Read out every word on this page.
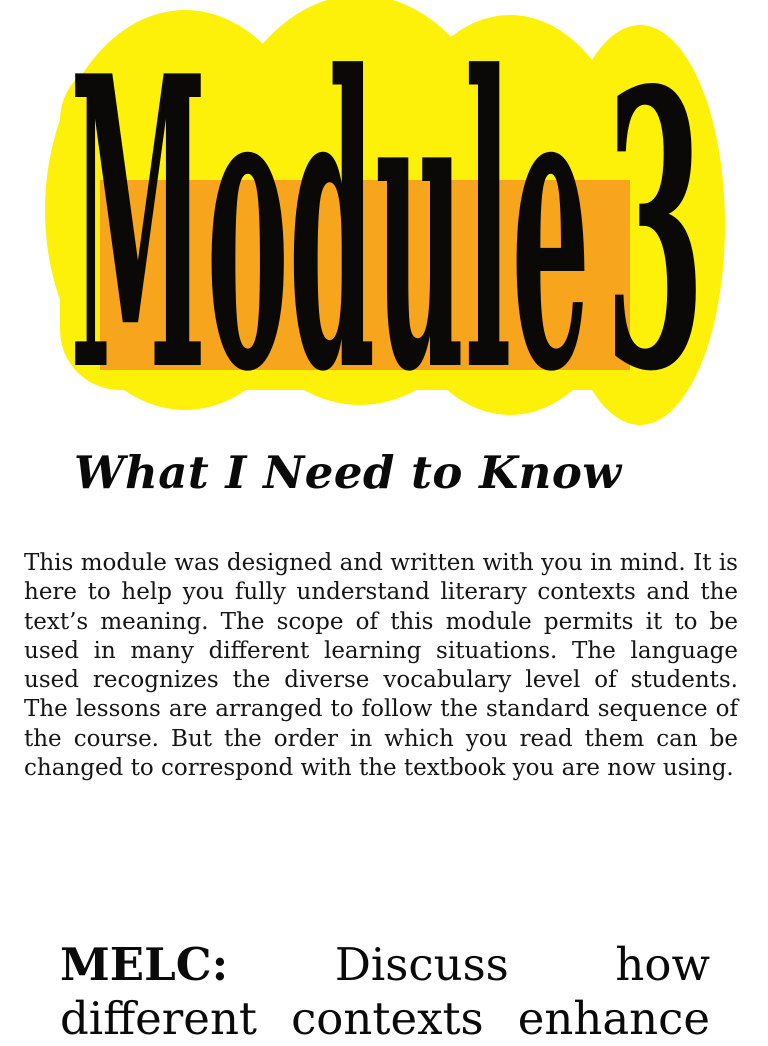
Module 3
What I Need to Know

This module was designed and written with you in mind. It is here to help you fully understand literary contexts and the text’s meaning. The scope of this module permits it to be used in many different learning situations. The language used recognizes the diverse vocabulary level of students. The lessons are arranged to follow the standard sequence of the course. But the order in which you read them can be changed to correspond with the textbook you are now using.

MELC: Discuss how different contexts enhance
